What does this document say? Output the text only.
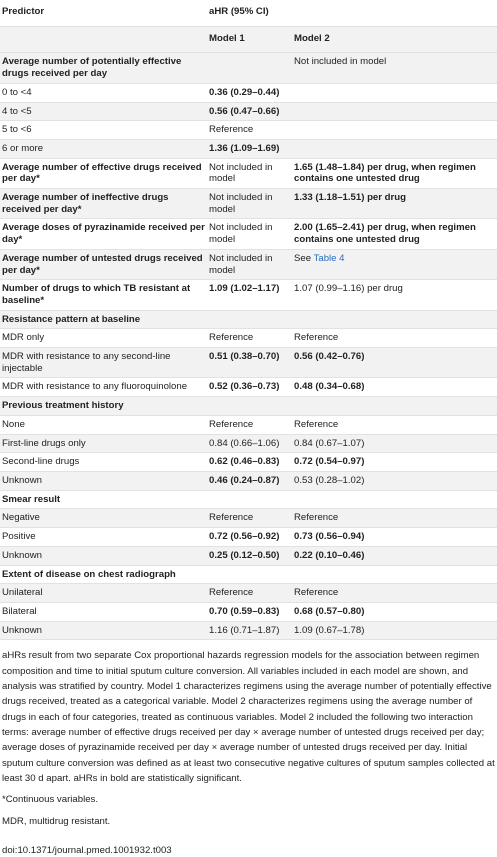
Predictor	aHR (95% CI)	
	Model 1	Model 2
Average number of potentially effective drugs received per day		Not included in model
0 to <4	0.36 (0.29–0.44)	
4 to <5	0.56 (0.47–0.66)	
5 to <6	Reference	
6 or more	1.36 (1.09–1.69)	
Average number of effective drugs received per day*	Not included in model	1.65 (1.48–1.84) per drug, when regimen contains one untested drug
Average number of ineffective drugs received per day*	Not included in model	1.33 (1.18–1.51) per drug
Average doses of pyrazinamide received per day*	Not included in model	2.00 (1.65–2.41) per drug, when regimen contains one untested drug
Average number of untested drugs received per day*	Not included in model	See Table 4
Number of drugs to which TB resistant at baseline*	1.09 (1.02–1.17)	1.07 (0.99–1.16) per drug
Resistance pattern at baseline		
MDR only	Reference	Reference
MDR with resistance to any second-line injectable	0.51 (0.38–0.70)	0.56 (0.42–0.76)
MDR with resistance to any fluoroquinolone	0.52 (0.36–0.73)	0.48 (0.34–0.68)
Previous treatment history		
None	Reference	Reference
First-line drugs only	0.84 (0.66–1.06)	0.84 (0.67–1.07)
Second-line drugs	0.62 (0.46–0.83)	0.72 (0.54–0.97)
Unknown	0.46 (0.24–0.87)	0.53 (0.28–1.02)
Smear result		
Negative	Reference	Reference
Positive	0.72 (0.56–0.92)	0.73 (0.56–0.94)
Unknown	0.25 (0.12–0.50)	0.22 (0.10–0.46)
Extent of disease on chest radiograph		
Unilateral	Reference	Reference
Bilateral	0.70 (0.59–0.83)	0.68 (0.57–0.80)
Unknown	1.16 (0.71–1.87)	1.09 (0.67–1.78)

aHRs result from two separate Cox proportional hazards regression models for the association between regimen composition and time to initial sputum culture conversion. All variables included in each model are shown, and analysis was stratified by country. Model 1 characterizes regimens using the average number of potentially effective drugs received, treated as a categorical variable. Model 2 characterizes regimens using the average number of drugs in each of four categories, treated as continuous variables. Model 2 included the following two interaction terms: average number of effective drugs received per day × average number of untested drugs received per day; average doses of pyrazinamide received per day × average number of untested drugs received per day. Initial sputum culture conversion was defined as at least two consecutive negative cultures of sputum samples collected at least 30 d apart. aHRs in bold are statistically significant.

*Continuous variables.

MDR, multidrug resistant.

doi:10.1371/journal.pmed.1001932.t003
